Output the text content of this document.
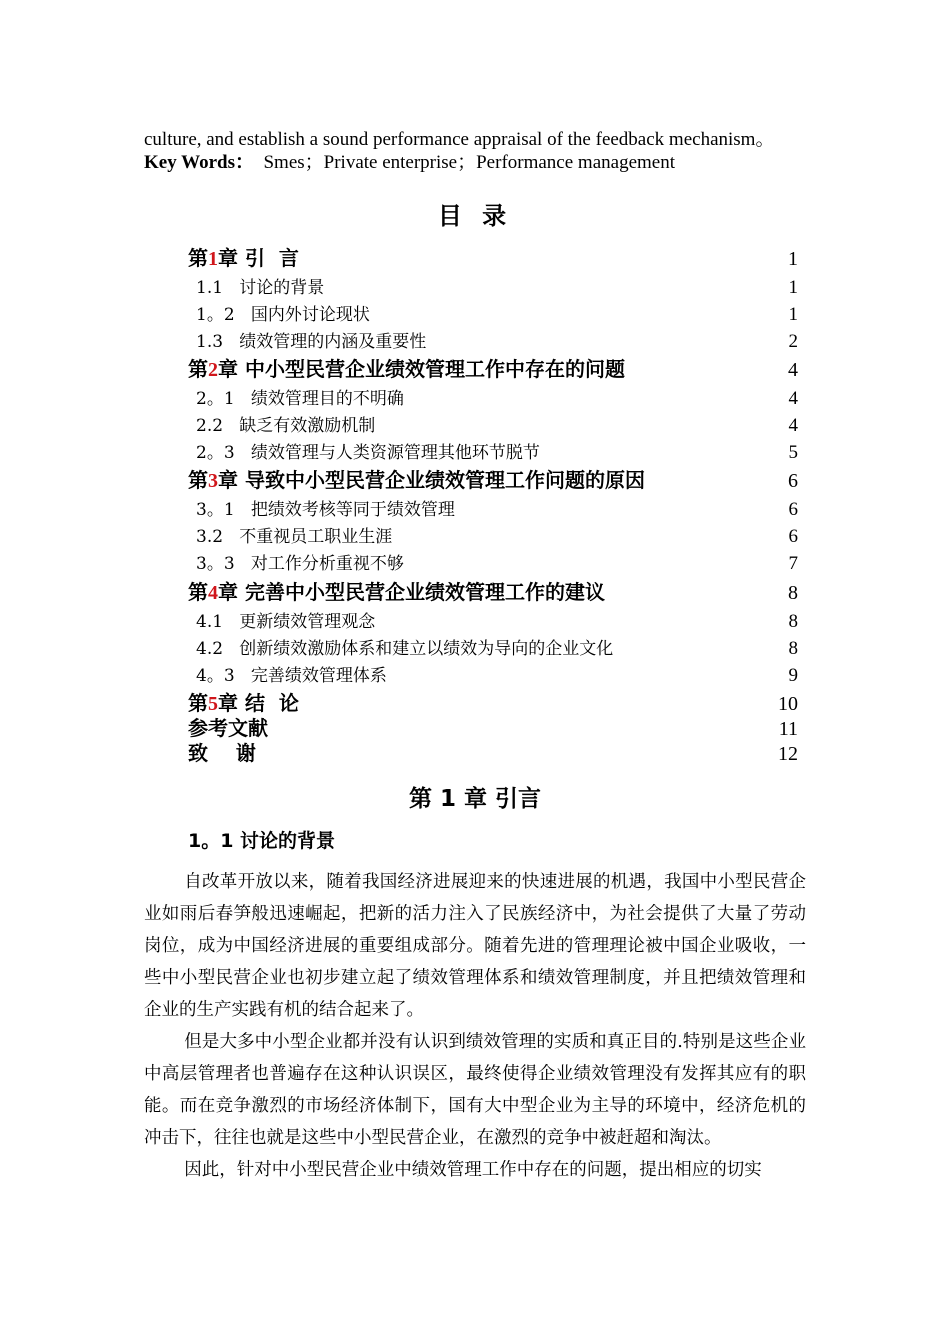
culture, and establish a sound performance appraisal of the feedback mechanism。
Key Words：  Smes；Private enterprise；Performance management
目 录
第1章 引  言	1
1.1   讨论的背景	1
1。2   国内外讨论现状	1
1.3   绩效管理的内涵及重要性	2
第2章 中小型民营企业绩效管理工作中存在的问题	4
2。1   绩效管理目的不明确	4
2.2   缺乏有效激励机制	4
2。3   绩效管理与人类资源管理其他环节脱节	5
第3章 导致中小型民营企业绩效管理工作问题的原因	6
3。1   把绩效考核等同于绩效管理	6
3.2   不重视员工职业生涯	6
3。3   对工作分析重视不够	7
第4章 完善中小型民营企业绩效管理工作的建议	8
4.1   更新绩效管理观念	8
4.2   创新绩效激励体系和建立以绩效为导向的企业文化	8
4。3   完善绩效管理体系	9
第5章 结  论	10
参考文献	11
致    谢	12
第 1 章 引言
1。1 讨论的背景

自改革开放以来，随着我国经济进展迎来的快速进展的机遇，我国中小型民营企业如雨后春笋般迅速崛起，把新的活力注入了民族经济中，为社会提供了大量了劳动岗位，成为中国经济进展的重要组成部分。随着先进的管理理论被中国企业吸收，一些中小型民营企业也初步建立起了绩效管理体系和绩效管理制度，并且把绩效管理和企业的生产实践有机的结合起来了。

但是大多中小型企业都并没有认识到绩效管理的实质和真正目的.特别是这些企业中高层管理者也普遍存在这种认识误区，最终使得企业绩效管理没有发挥其应有的职能。而在竞争激烈的市场经济体制下，国有大中型企业为主导的环境中，经济危机的冲击下，往往也就是这些中小型民营企业，在激烈的竞争中被赶超和淘汰。

因此，针对中小型民营企业中绩效管理工作中存在的问题，提出相应的切实
